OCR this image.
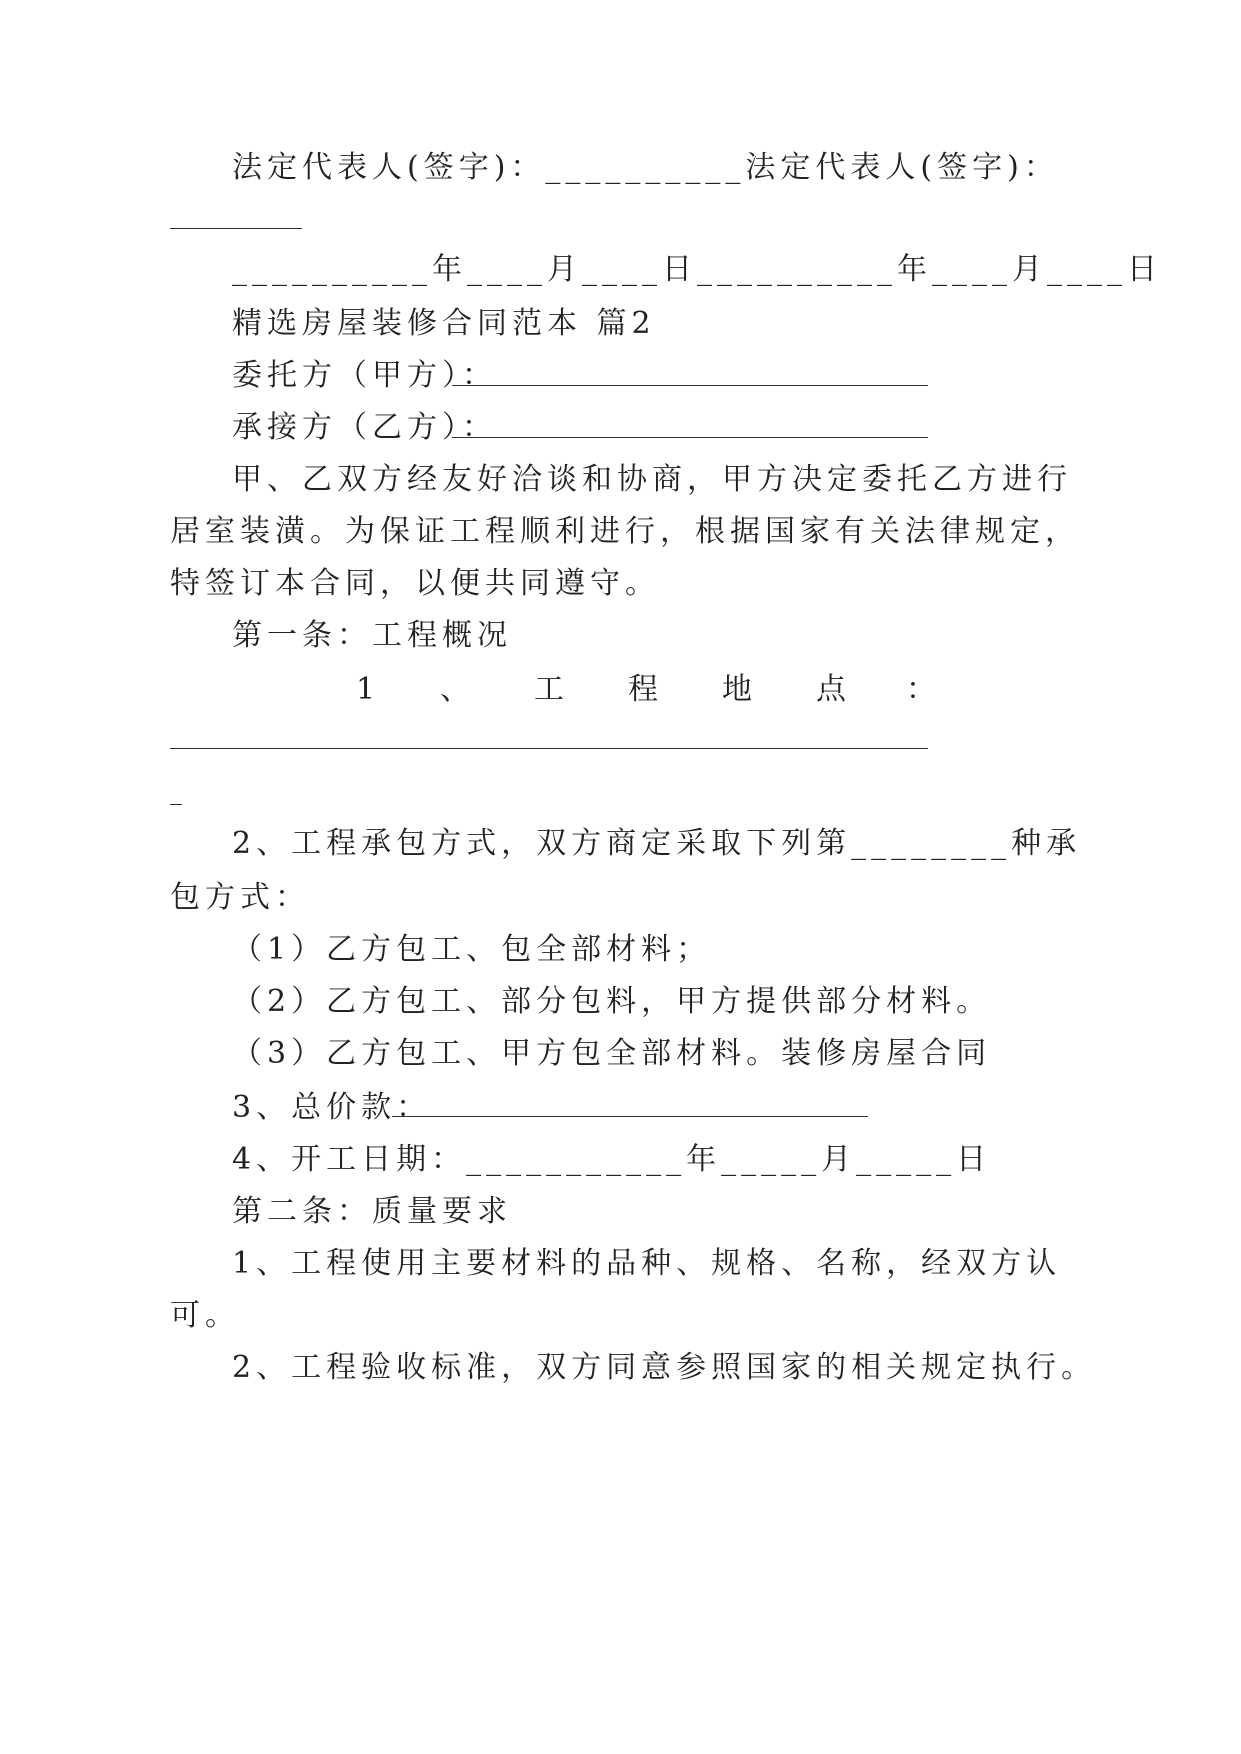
法定代表人(签字)：__________法定代表人(签字)：
__________年____月____日__________年____月____日
精选房屋装修合同范本 篇2
委托方（甲方）：
承接方（乙方）：
甲、乙双方经友好洽谈和协商，甲方决定委托乙方进行
居室装潢。为保证工程顺利进行，根据国家有关法律规定，
特签订本合同，以便共同遵守。
第一条：工程概况
1 、 工 程 地 点 ：
2、工程承包方式，双方商定采取下列第________种承
包方式：
（1）乙方包工、包全部材料；
（2）乙方包工、部分包料，甲方提供部分材料。
（3）乙方包工、甲方包全部材料。装修房屋合同
3、总价款：
4、开工日期：___________年_____月_____日
第二条：质量要求
1、工程使用主要材料的品种、规格、名称，经双方认
可。
2、工程验收标准，双方同意参照国家的相关规定执行。
